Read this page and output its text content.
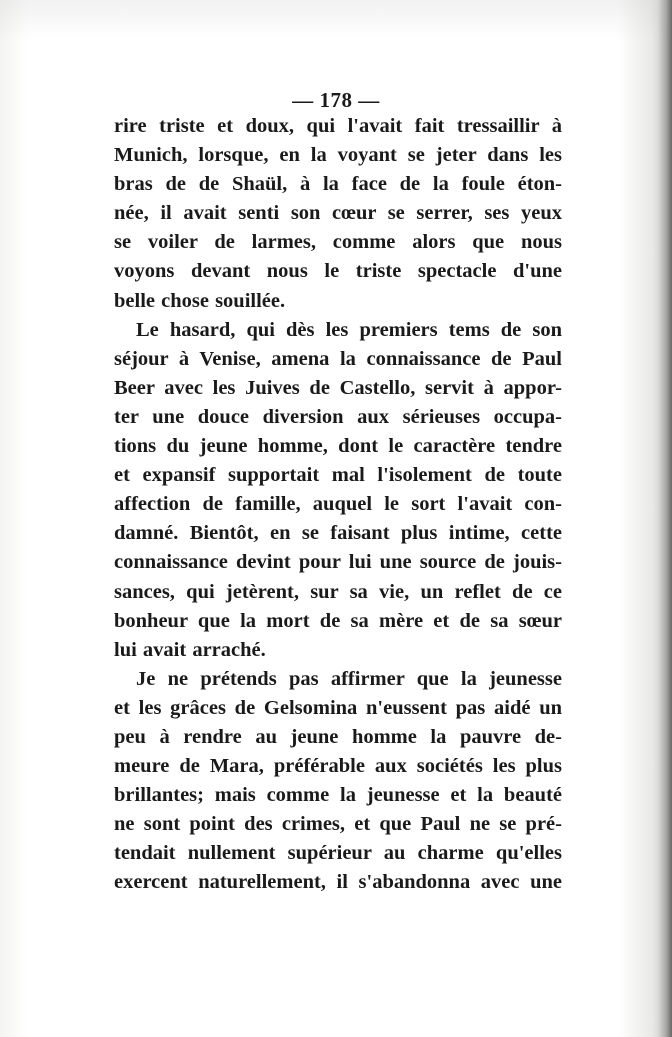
— 178 —
rire triste et doux, qui l'avait fait tressaillir à
Munich, lorsque, en la voyant se jeter dans les
bras de de Shaül, à la face de la foule éton-
née, il avait senti son cœur se serrer, ses yeux
se voiler de larmes, comme alors que nous
voyons devant nous le triste spectacle d'une
belle chose souillée.
Le hasard, qui dès les premiers tems de son
séjour à Venise, amena la connaissance de Paul
Beer avec les Juives de Castello, servit à appor-
ter une douce diversion aux sérieuses occupa-
tions du jeune homme, dont le caractère tendre
et expansif supportait mal l'isolement de toute
affection de famille, auquel le sort l'avait con-
damné. Bientôt, en se faisant plus intime, cette
connaissance devint pour lui une source de jouis-
sances, qui jetèrent, sur sa vie, un reflet de ce
bonheur que la mort de sa mère et de sa sœur
lui avait arraché.
Je ne prétends pas affirmer que la jeunesse
et les grâces de Gelsomina n'eussent pas aidé un
peu à rendre au jeune homme la pauvre de-
meure de Mara, préférable aux sociétés les plus
brillantes; mais comme la jeunesse et la beauté
ne sont point des crimes, et que Paul ne se pré-
tendait nullement supérieur au charme qu'elles
exercent naturellement, il s'abandonna avec une
